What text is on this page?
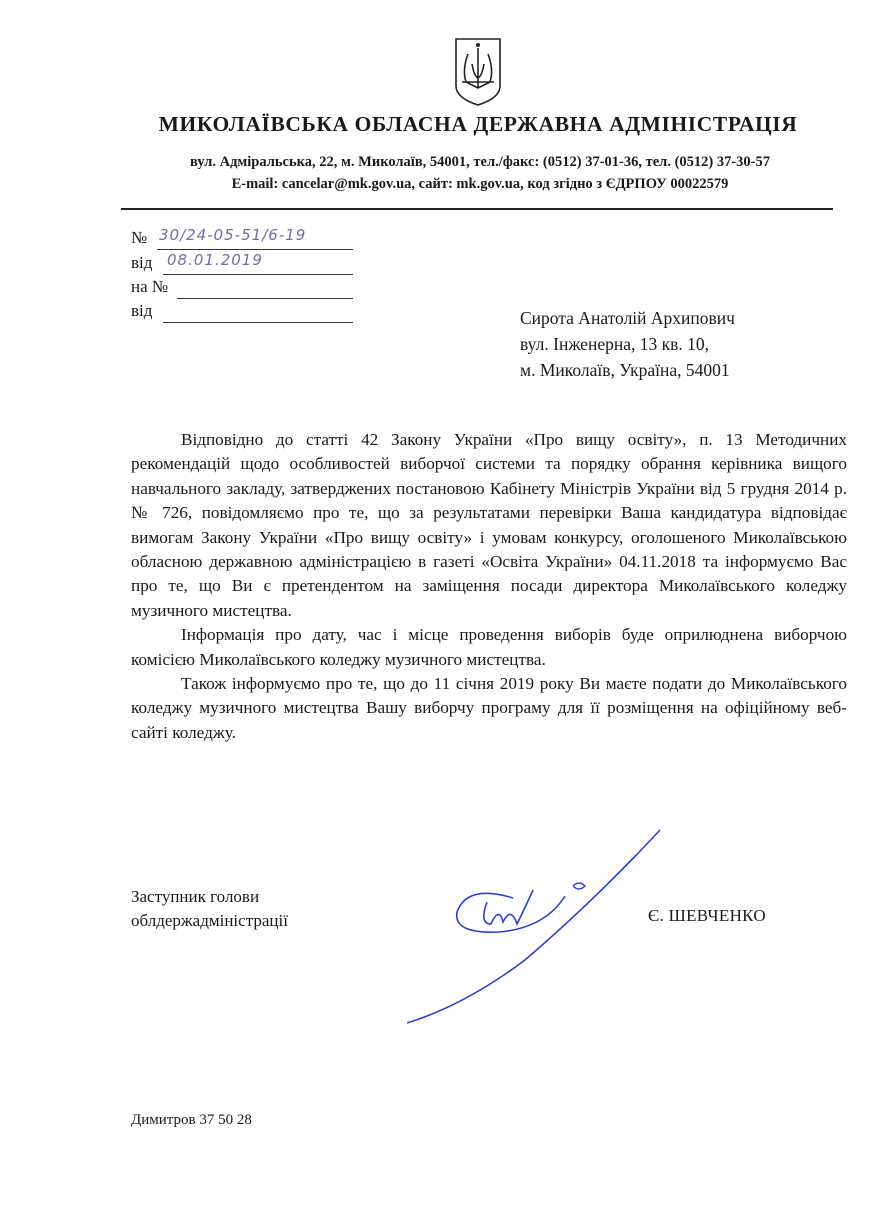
МИКОЛАЇВСЬКА ОБЛАСНА ДЕРЖАВНА АДМІНІСТРАЦІЯ
вул. Адміральська, 22, м. Миколаїв, 54001, тел./факс: (0512) 37-01-36, тел. (0512) 37-30-57
E-mail: cancelar@mk.gov.ua, сайт: mk.gov.ua, код згідно з ЄДРПОУ 00022579
№ 30/24-05-51/6-19
від 08.01.2019
на №
від	Сирота Анатолій Архипович
вул. Інженерна, 13 кв. 10,
м. Миколаїв, Україна, 54001

Відповідно до статті 42 Закону України «Про вищу освіту», п. 13 Методичних рекомендацій щодо особливостей виборчої системи та порядку обрання керівника вищого навчального закладу, затверджених постановою Кабінету Міністрів України від 5 грудня 2014 р. № 726, повідомляємо про те, що за результатами перевірки Ваша кандидатура відповідає вимогам Закону України «Про вищу освіту» і умовам конкурсу, оголошеного Миколаївською обласною державною адміністрацією в газеті «Освіта України» 04.11.2018 та інформуємо Вас про те, що Ви є претендентом на заміщення посади директора Миколаївського коледжу музичного мистецтва.

Інформація про дату, час і місце проведення виборів буде оприлюднена виборчою комісією Миколаївського коледжу музичного мистецтва.

Також інформуємо про те, що до 11 січня 2019 року Ви маєте подати до Миколаївського коледжу музичного мистецтва Вашу виборчу програму для її розміщення на офіційному веб-сайті коледжу.

Заступник голови
облдержадміністрації	Є. ШЕВЧЕНКО
Димитров 37 50 28
